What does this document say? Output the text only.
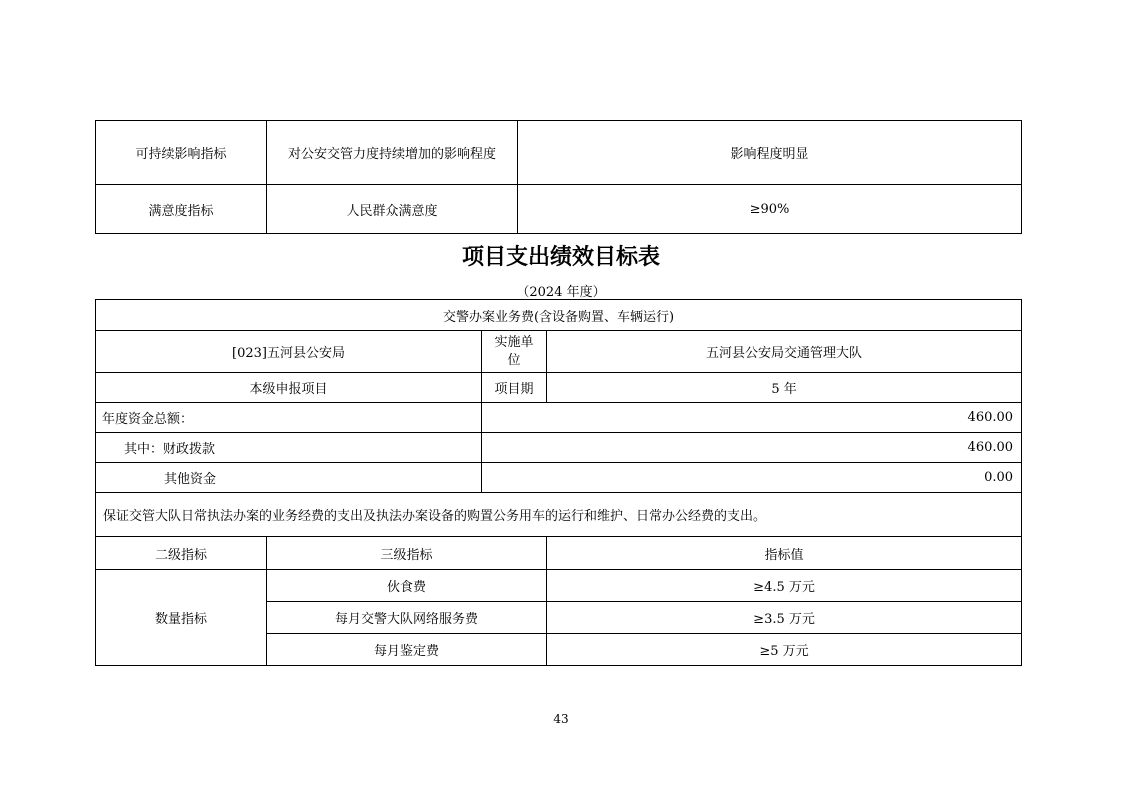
可持续影响指标	对公安交管力度持续增加的影响程度	影响程度明显
满意度指标	人民群众满意度	≥90%
项目支出绩效目标表
（2024 年度）
交警办案业务费(含设备购置、车辆运行)			
[023]五河县公安局		实施单位	五河县公安局交通管理大队
本级申报项目		项目期	5 年
年度资金总额：		460.00	
其中：财政拨款		460.00	
其他资金		0.00	
保证交管大队日常执法办案的业务经费的支出及执法办案设备的购置公务用车的运行和维护、日常办公经费的支出。			
二级指标	三级指标		指标值
数量指标	伙食费		≥4.5 万元
	每月交警大队网络服务费		≥3.5 万元
	每月鉴定费		≥5 万元
43
